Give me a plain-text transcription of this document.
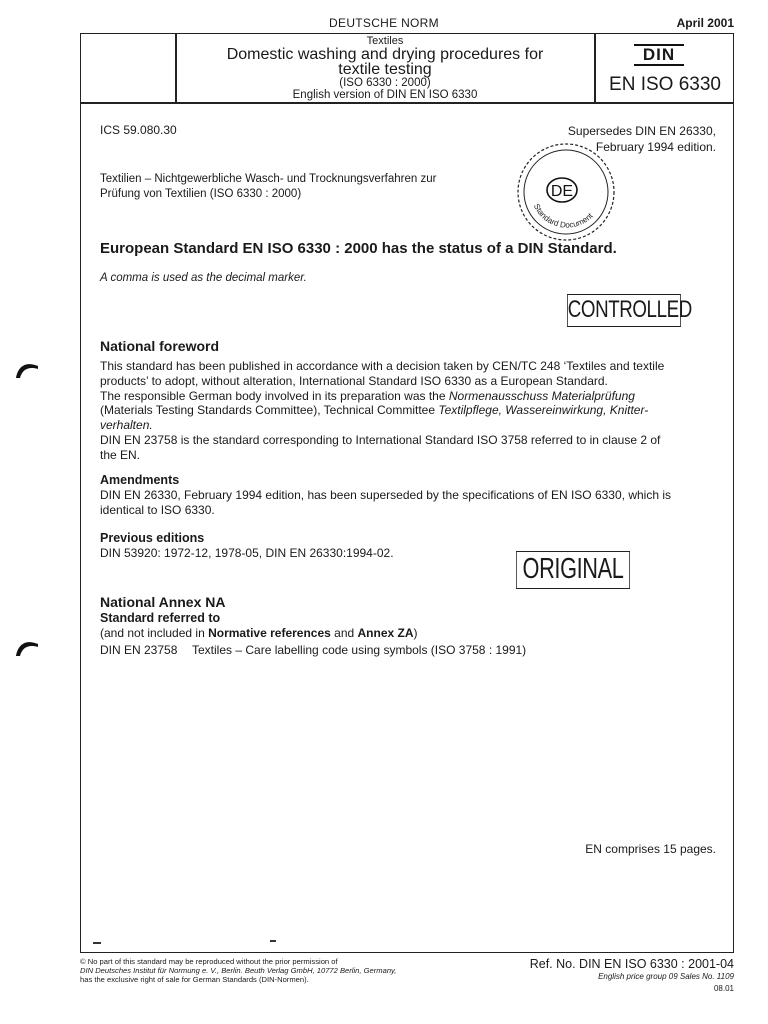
DEUTSCHE NORM	April 2001
Textiles
Domestic washing and drying procedures for
textile testing
(ISO 6330 : 2000)
English version of DIN EN ISO 6330
DIN
EN ISO 6330
ICS 59.080.30	Supersedes DIN EN 26330,
February 1994 edition.
Textilien – Nichtgewerbliche Wasch- und Trocknungsverfahren zur
Prüfung von Textilien (ISO 6330 : 2000)	DE
Standard Document
European Standard EN ISO 6330 : 2000 has the status of a DIN Standard.
A comma is used as the decimal marker.
CONTROLLED
National foreword

This standard has been published in accordance with a decision taken by CEN/TC 248 ‘Textiles and textile
products’ to adopt, without alteration, International Standard ISO 6330 as a European Standard.

The responsible German body involved in its preparation was the Normenausschuss Materialprüfung
(Materials Testing Standards Committee), Technical Committee Textilpflege, Wassereinwirkung, Knitter-
verhalten.

DIN EN 23758 is the standard corresponding to International Standard ISO 3758 referred to in clause 2 of
the EN.

Amendments
DIN EN 26330, February 1994 edition, has been superseded by the specifications of EN ISO 6330, which is
identical to ISO 6330.
Previous editions
DIN 53920: 1972-12, 1978-05, DIN EN 26330:1994-02.	ORIGINAL
National Annex NA
Standard referred to
(and not included in Normative references and Annex ZA)
DIN EN 23758 Textiles – Care labelling code using symbols (ISO 3758 : 1991)
EN comprises 15 pages.
© No part of this standard may be reproduced without the prior permission of
DIN Deutsches Institut für Normung e. V., Berlin. Beuth Verlag GmbH, 10772 Berlin, Germany,
has the exclusive right of sale for German Standards (DIN-Normen).
Ref. No. DIN EN ISO 6330 : 2001-04
English price group 09 Sales No. 1109
08.01
